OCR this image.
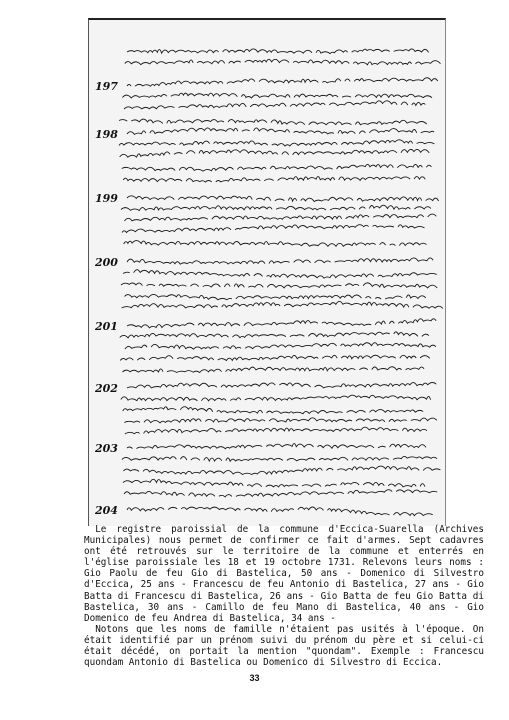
197
198
199
200
201
202
203
204

Le registre paroissial de la commune d'Eccica-Suarella (Archives Municipales) nous permet de confirmer ce fait d'armes. Sept cadavres ont été retrouvés sur le territoire de la commune et enterrés en l'église paroissiale les 18 et 19 octobre 1731. Relevons leurs noms : Gio Paolu de feu Gio di Bastelica, 50 ans - Domenico di Silvestro d'Eccica, 25 ans - Francescu de feu Antonio di Bastelica, 27 ans - Gio Batta di Francescu di Bastelica, 26 ans - Gio Batta de feu Gio Batta di Bastelica, 30 ans - Camillo de feu Mano di Bastelica, 40 ans - Gio Domenico de feu Andrea di Bastelica, 34 ans -

Notons que les noms de famille n'étaient pas usités à l'époque. On était identifié par un prénom suivi du prénom du père et si celui-ci était décédé, on portait la mention "quondam". Exemple : Francescu quondam Antonio di Bastelica ou Domenico di Silvestro di Eccica.

33
